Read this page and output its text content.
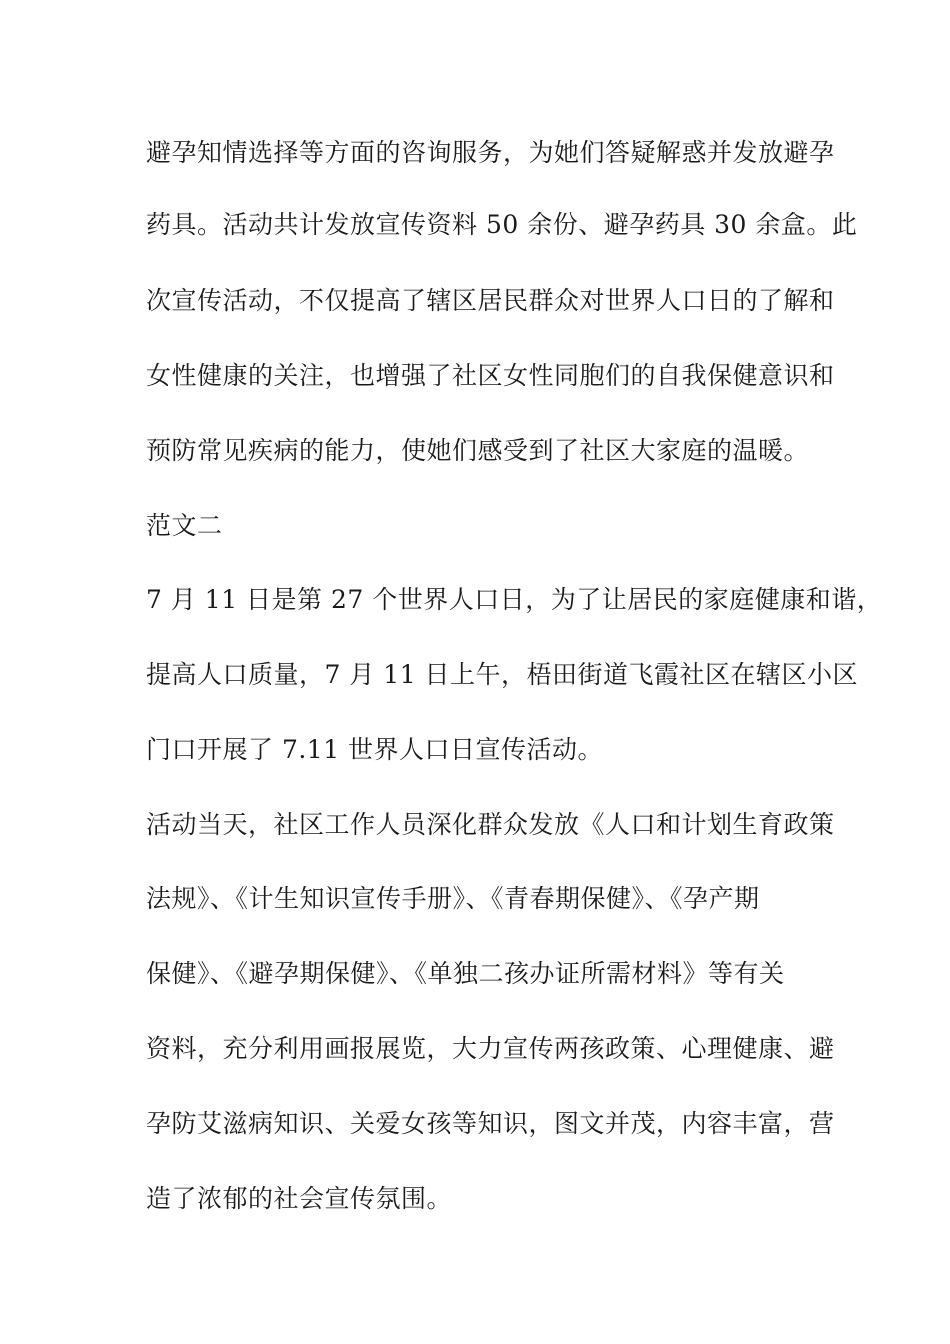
避孕知情选择等方面的咨询服务，为她们答疑解惑并发放避孕
药具。活动共计发放宣传资料 50 余份、避孕药具 30 余盒。此
次宣传活动，不仅提高了辖区居民群众对世界人口日的了解和
女性健康的关注，也增强了社区女性同胞们的自我保健意识和
预防常见疾病的能力，使她们感受到了社区大家庭的温暖。
范文二
7 月 11 日是第 27 个世界人口日，为了让居民的家庭健康和谐，
提高人口质量，7 月 11 日上午，梧田街道飞霞社区在辖区小区
门口开展了 7.11 世界人口日宣传活动。
活动当天，社区工作人员深化群众发放《人口和计划生育政策
法规》、《计生知识宣传手册》、《青春期保健》、《孕产期
保健》、《避孕期保健》、《单独二孩办证所需材料》等有关
资料，充分利用画报展览，大力宣传两孩政策、心理健康、避
孕防艾滋病知识、关爱女孩等知识，图文并茂，内容丰富，营
造了浓郁的社会宣传氛围。
